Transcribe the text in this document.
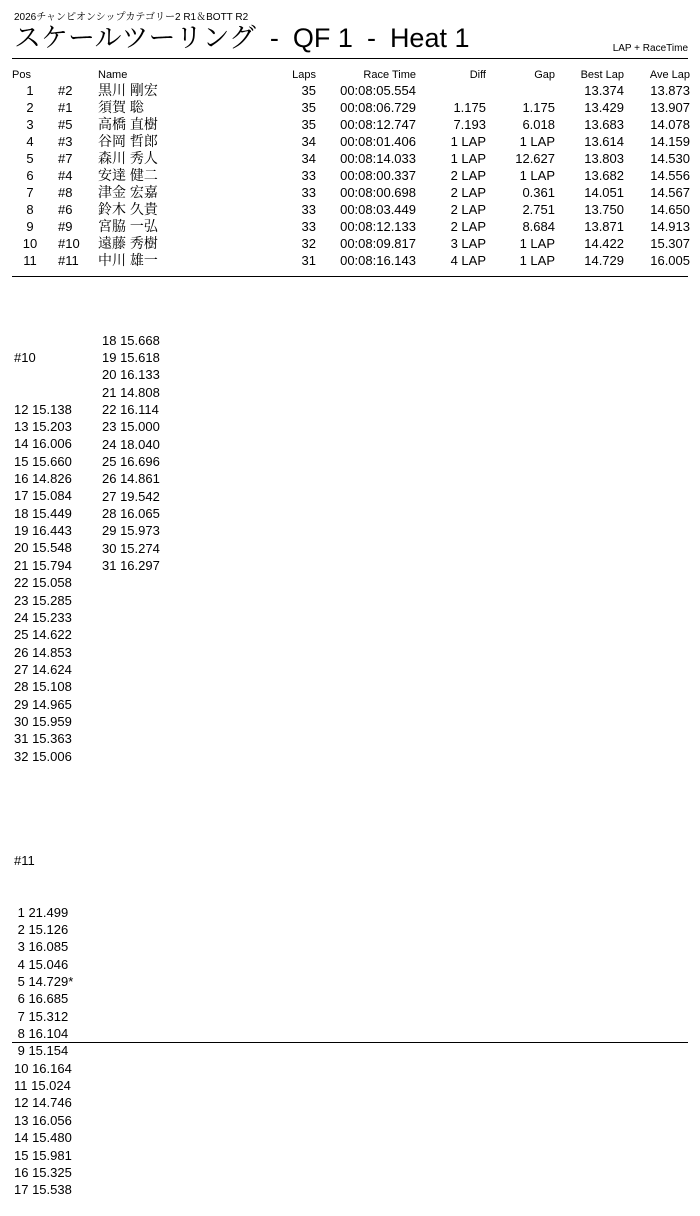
2026チャンピオンシップカテゴリー2 R1＆BOTT R2
スケールツーリング - QF 1 - Heat 1	LAP + RaceTime
Pos		Name	Laps	Race Time	Diff	Gap	Best Lap	Ave Lap
1	#2	黒川 剛宏	35	00:08:05.554			13.374	13.873
2	#1	須賀 聡	35	00:08:06.729	1.175	1.175	13.429	13.907
3	#5	高橋 直樹	35	00:08:12.747	7.193	6.018	13.683	14.078
4	#3	谷岡 哲郎	34	00:08:01.406	1 LAP	1 LAP	13.614	14.159
5	#7	森川 秀人	34	00:08:14.033	1 LAP	12.627	13.803	14.530
6	#4	安達 健二	33	00:08:00.337	2 LAP	1 LAP	13.682	14.556
7	#8	津金 宏嘉	33	00:08:00.698	2 LAP	0.361	14.051	14.567
8	#6	鈴木 久貴	33	00:08:03.449	2 LAP	2.751	13.750	14.650
9	#9	宮脇 一弘	33	00:08:12.133	2 LAP	8.684	13.871	14.913
10	#10	遠藤 秀樹	32	00:08:09.817	3 LAP	1 LAP	14.422	15.307
11	#11	中川 雄一	31	00:08:16.143	4 LAP	1 LAP	14.729	16.005

#10

12 15.138
13 15.203
14 16.006
15 15.660
16 14.826
17 15.084
18 15.449
19 16.443
20 15.548
21 15.794
22 15.058
23 15.285
24 15.233
25 14.622
26 14.853
27 14.624
28 15.108
29 14.965
30 15.959
31 15.363
32 15.006

#11

1 21.499
2 15.126
3 16.085
4 15.046
5 14.729*
6 16.685
7 15.312
8 16.104
9 15.154
10 16.164
11 15.024
12 14.746
13 16.056
14 15.480
15 15.981
16 15.325
17 15.538

18 15.668
19 15.618
20 16.133
21 14.808
22 16.114
23 15.000
24 18.040
25 16.696
26 14.861
27 19.542
28 16.065
29 15.973
30 15.274
31 16.297
